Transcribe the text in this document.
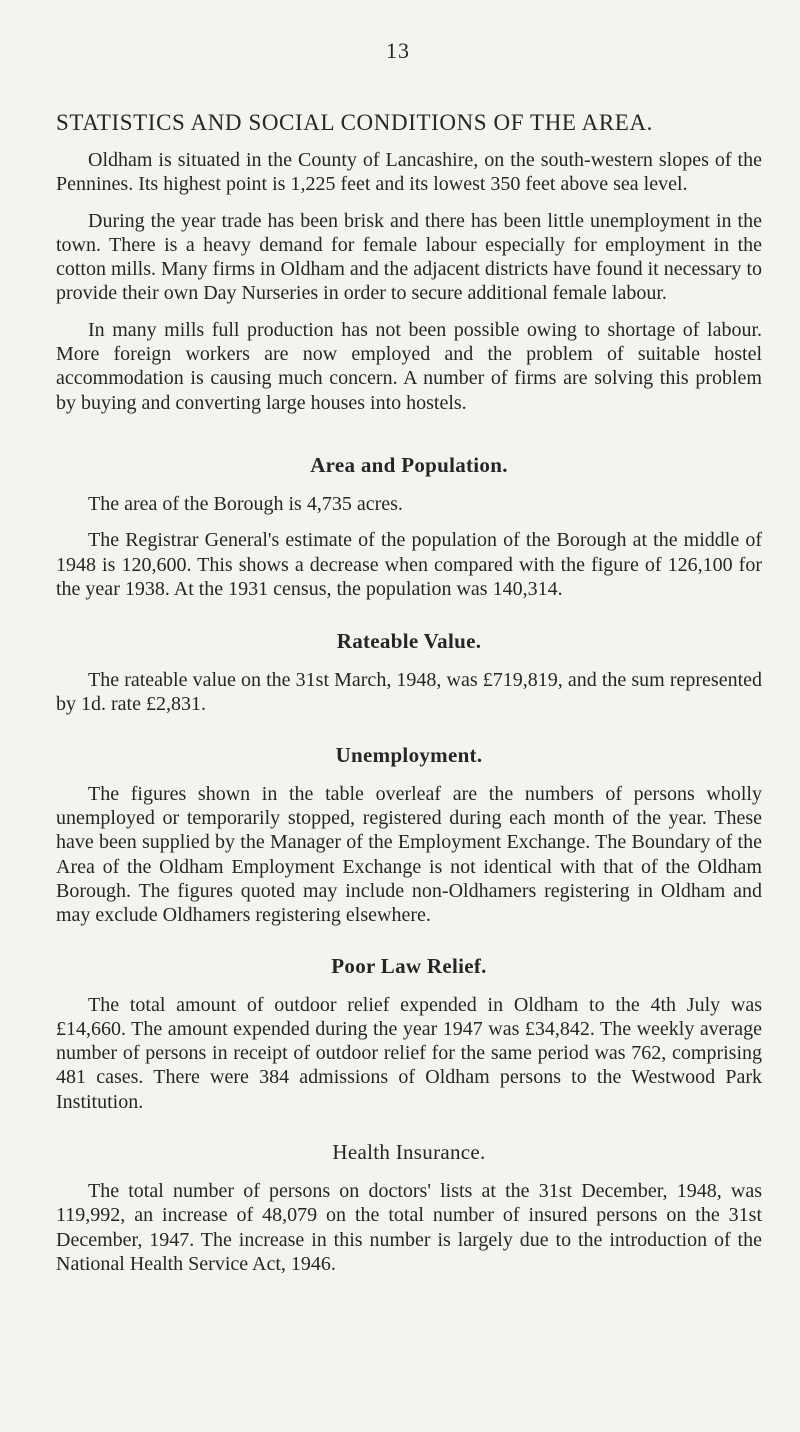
13
STATISTICS AND SOCIAL CONDITIONS OF THE AREA.

Oldham is situated in the County of Lancashire, on the south-western slopes of the Pennines. Its highest point is 1,225 feet and its lowest 350 feet above sea level.

During the year trade has been brisk and there has been little unemployment in the town. There is a heavy demand for female labour especially for employment in the cotton mills. Many firms in Oldham and the adjacent districts have found it necessary to provide their own Day Nurseries in order to secure additional female labour.

In many mills full production has not been possible owing to shortage of labour. More foreign workers are now employed and the problem of suitable hostel accommodation is causing much concern. A number of firms are solving this problem by buying and converting large houses into hostels.

Area and Population.

The area of the Borough is 4,735 acres.

The Registrar General's estimate of the population of the Borough at the middle of 1948 is 120,600. This shows a decrease when compared with the figure of 126,100 for the year 1938. At the 1931 census, the population was 140,314.

Rateable Value.

The rateable value on the 31st March, 1948, was £719,819, and the sum represented by 1d. rate £2,831.

Unemployment.

The figures shown in the table overleaf are the numbers of persons wholly unemployed or temporarily stopped, registered during each month of the year. These have been supplied by the Manager of the Employment Exchange. The Boundary of the Area of the Oldham Employment Exchange is not identical with that of the Oldham Borough. The figures quoted may include non-Oldhamers registering in Oldham and may exclude Oldhamers registering elsewhere.

Poor Law Relief.

The total amount of outdoor relief expended in Oldham to the 4th July was £14,660. The amount expended during the year 1947 was £34,842. The weekly average number of persons in receipt of outdoor relief for the same period was 762, comprising 481 cases. There were 384 admissions of Oldham persons to the Westwood Park Institution.

Health Insurance.

The total number of persons on doctors' lists at the 31st December, 1948, was 119,992, an increase of 48,079 on the total number of insured persons on the 31st December, 1947. The increase in this number is largely due to the introduction of the National Health Service Act, 1946.
